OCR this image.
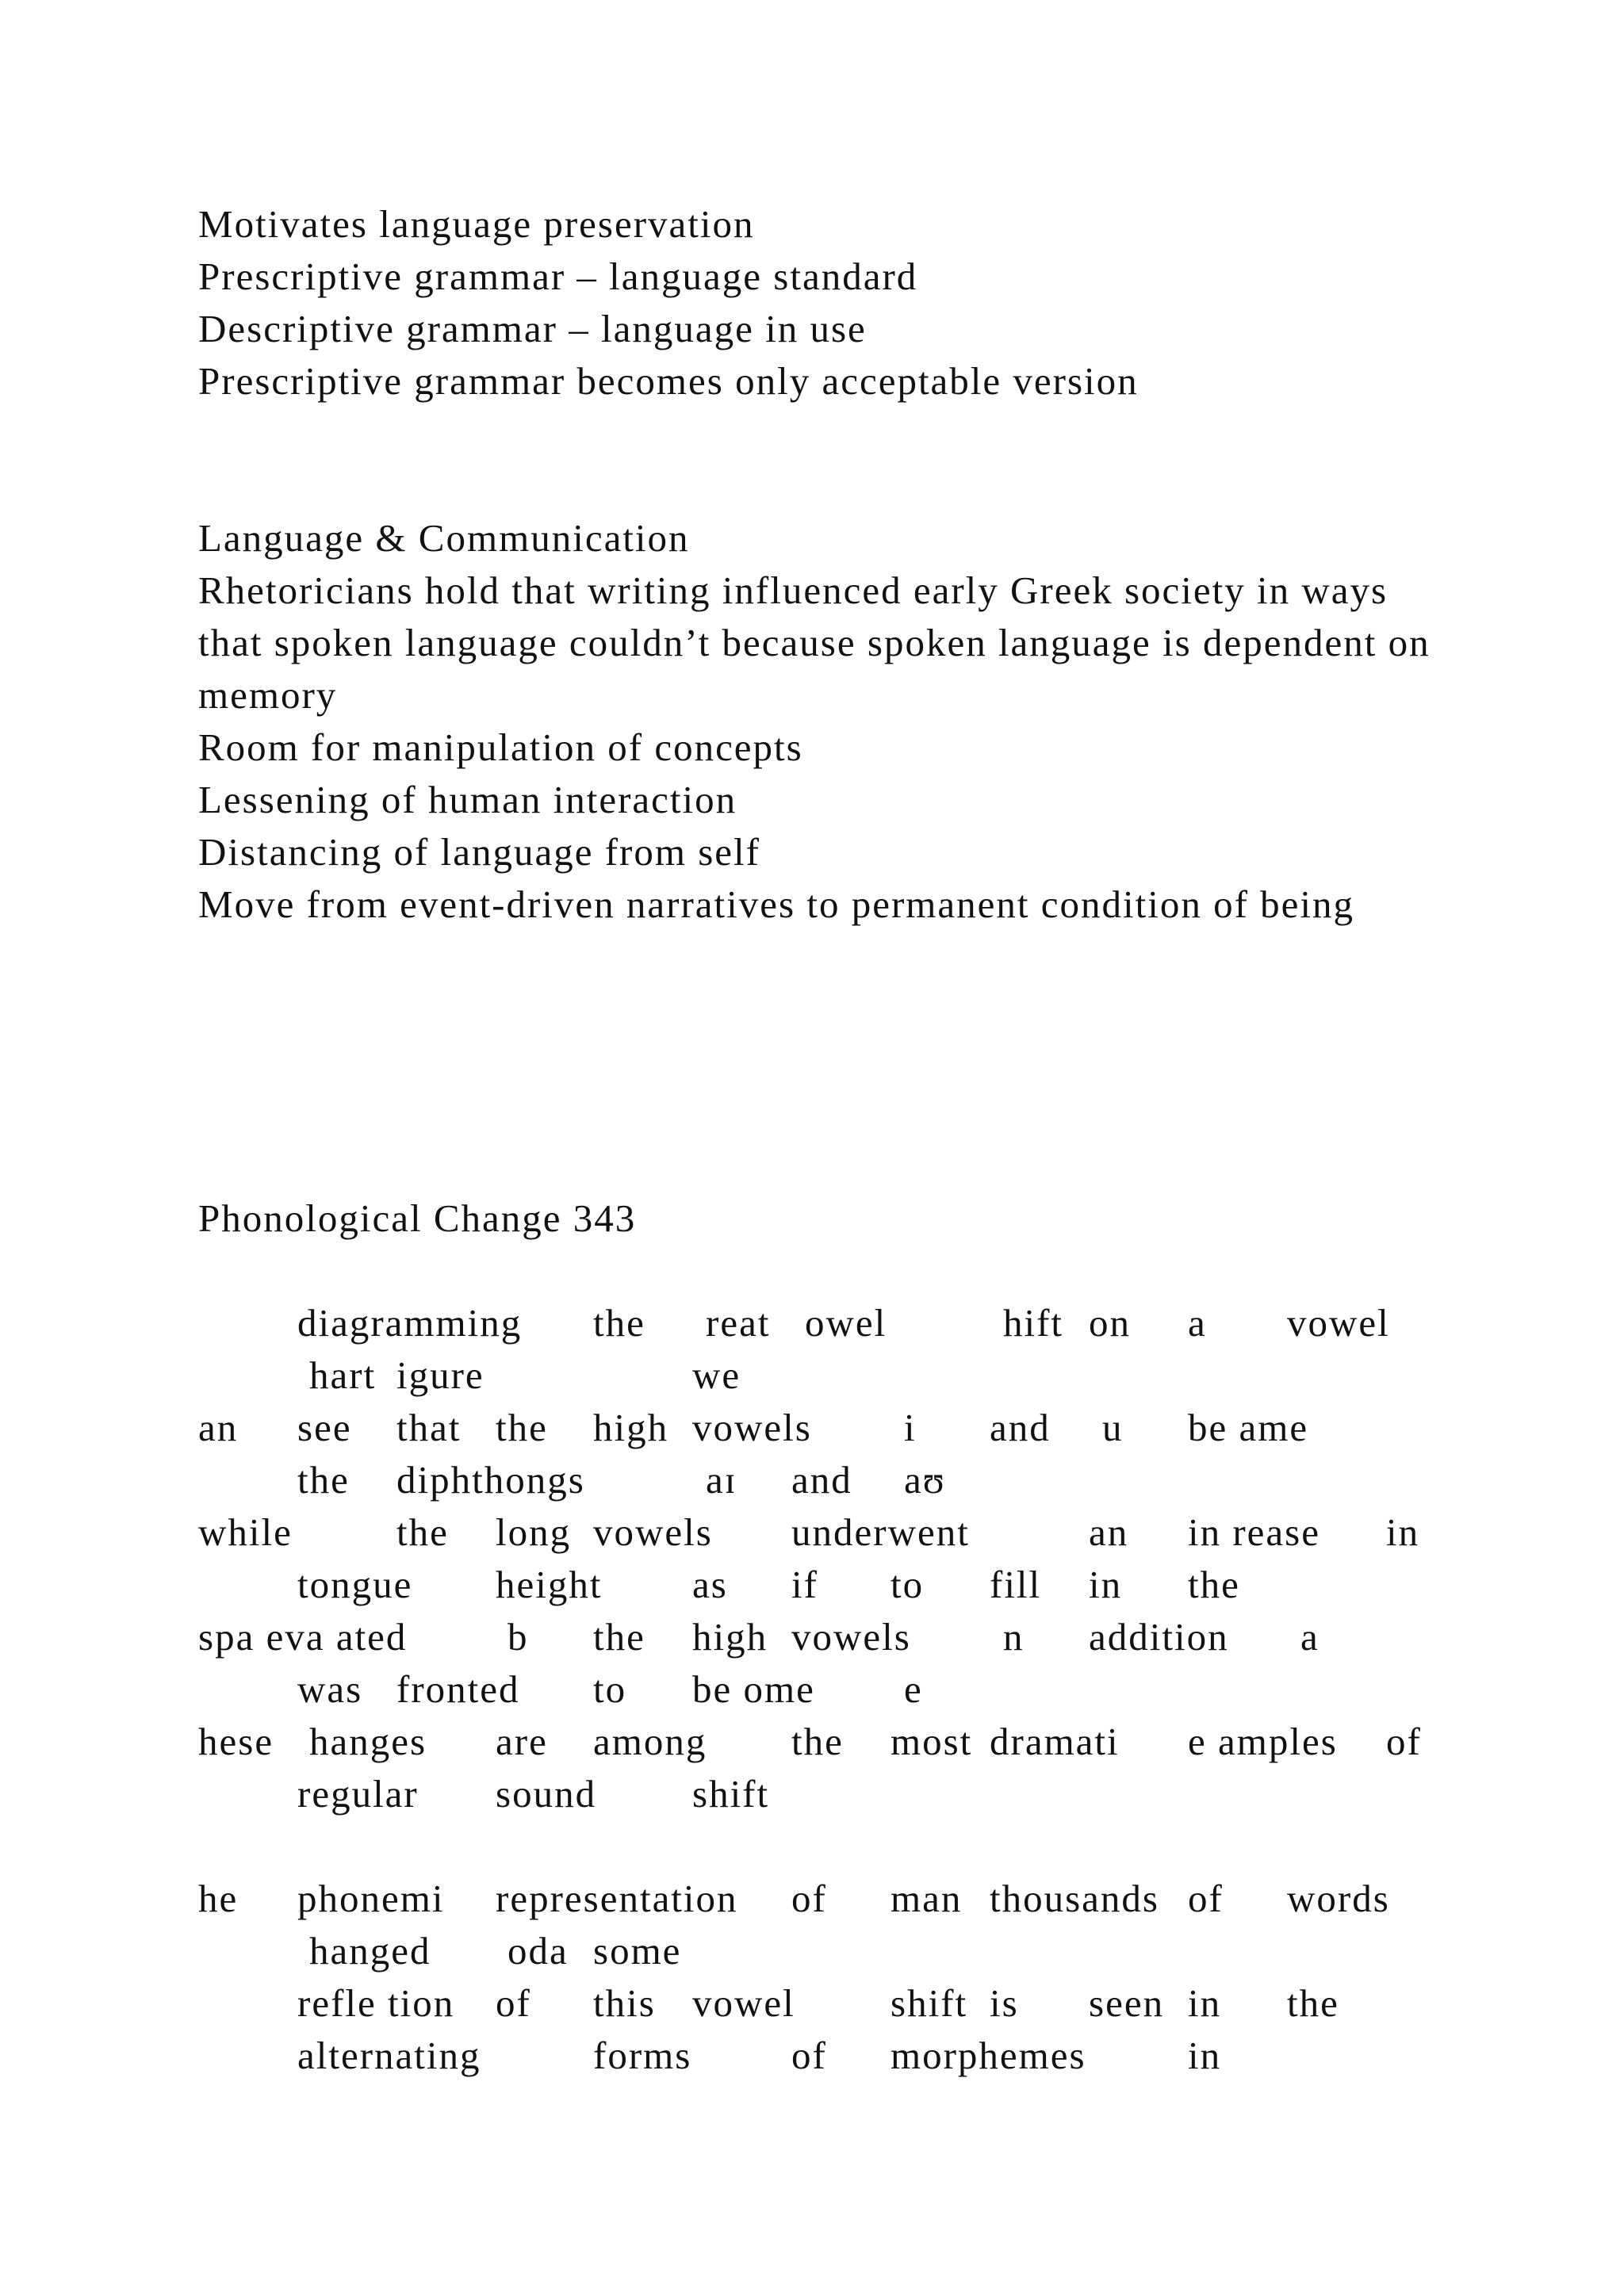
Motivates language preservation
Prescriptive grammar – language standard
Descriptive grammar – language in use
Prescriptive grammar becomes only acceptable version
Language & Communication
Rhetoricians hold that writing influenced early Greek society in ways that spoken language couldn’t because spoken language is dependent on memory
Room for manipulation of concepts
Lessening of human interaction
Distancing of language from self
Move from event-driven narratives to permanent condition of being
Phonological Change 343
diagramming the reat owel	hift on a vowel
hart igure	we
an see that the high vowels i and u be ame
the diphthongs	aɪ and aʊ
while	the long vowels underwent	an in rease in
tongue height as if to fill in the
spa eva ated	b the high vowels n addition a
was fronted to be ome e
hese hanges are among the most dramati e amples of
regular sound shift
he phonemi representation of man thousands of words
hanged oda some
refle tion of this vowel shift is seen in the
alternating	forms	of morphemes	in
